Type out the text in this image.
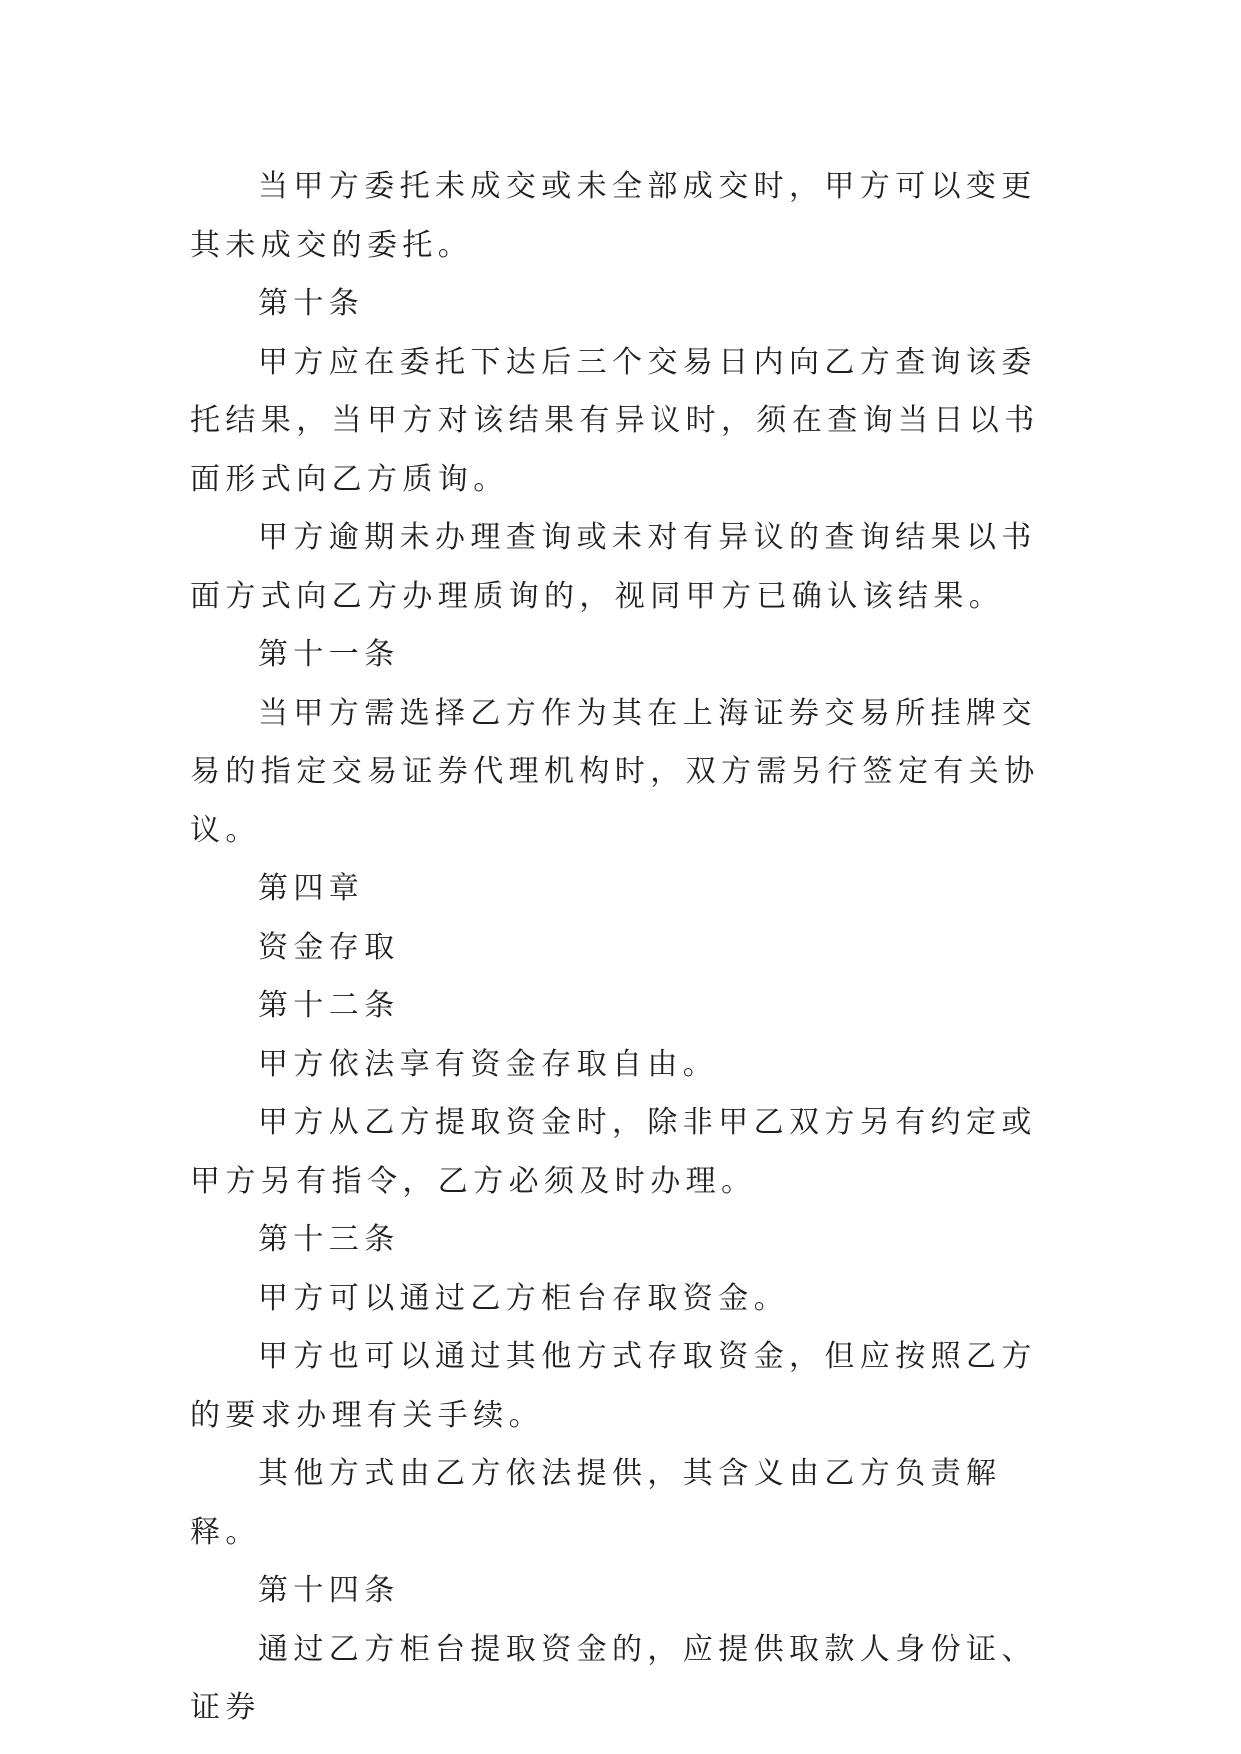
当甲方委托未成交或未全部成交时，甲方可以变更其未成交的委托。

第十条

甲方应在委托下达后三个交易日内向乙方查询该委托结果，当甲方对该结果有异议时，须在查询当日以书面形式向乙方质询。

甲方逾期未办理查询或未对有异议的查询结果以书面方式向乙方办理质询的，视同甲方已确认该结果。

第十一条

当甲方需选择乙方作为其在上海证券交易所挂牌交易的指定交易证券代理机构时，双方需另行签定有关协议。

第四章

资金存取

第十二条

甲方依法享有资金存取自由。

甲方从乙方提取资金时，除非甲乙双方另有约定或甲方另有指令，乙方必须及时办理。

第十三条

甲方可以通过乙方柜台存取资金。

甲方也可以通过其他方式存取资金，但应按照乙方的要求办理有关手续。

其他方式由乙方依法提供，其含义由乙方负责解释。

第十四条

通过乙方柜台提取资金的，应提供取款人身份证、证券
